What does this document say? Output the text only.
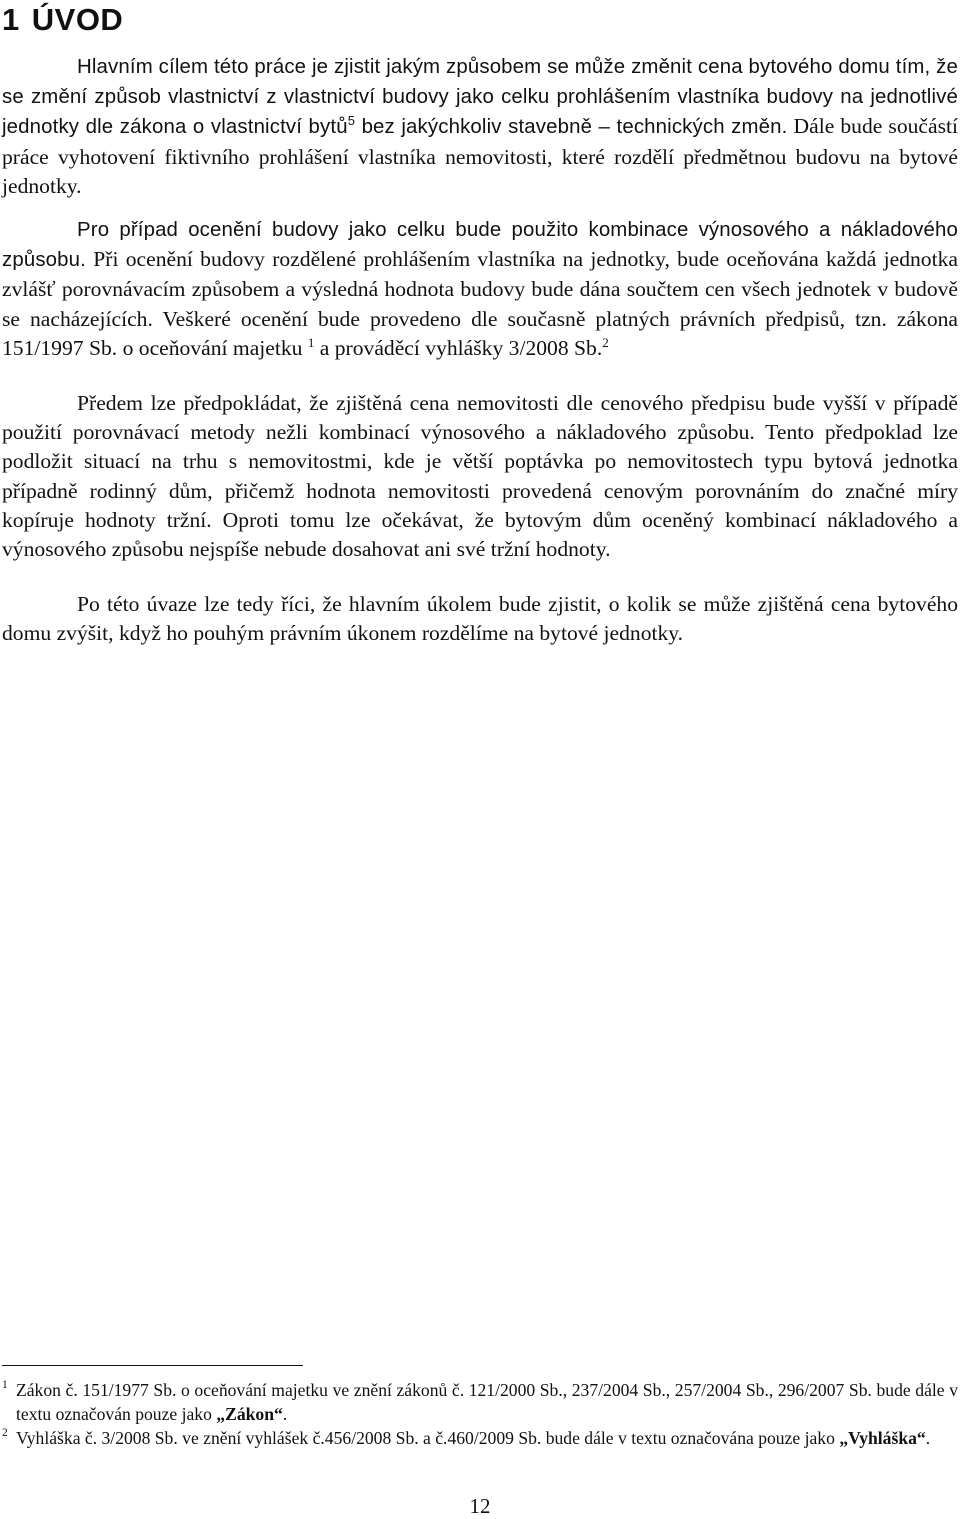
1 ÚVOD

Hlavním cílem této práce je zjistit jakým způsobem se může změnit cena bytového domu tím, že se změní způsob vlastnictví z vlastnictví budovy jako celku prohlášením vlastníka budovy na jednotlivé jednotky dle zákona o vlastnictví bytů$^5$ bez jakýchkoliv stavebně – technických změn. Dále bude součástí práce vyhotovení fiktivního prohlášení vlastníka nemovitosti, které rozdělí předmětnou budovu na bytové jednotky.

Pro případ ocenění budovy jako celku bude použito kombinace výnosového a nákladového způsobu. Při ocenění budovy rozdělené prohlášením vlastníka na jednotky, bude oceňována každá jednotka zvlášť porovnávacím způsobem a výsledná hodnota budovy bude dána součtem cen všech jednotek v budově se nacházejících. Veškeré ocenění bude provedeno dle současně platných právních předpisů, tzn. zákona 151/1997 Sb. o oceňování majetku $^1$ a prováděcí vyhlášky 3/2008 Sb.$^2$

Předem lze předpokládat, že zjištěná cena nemovitosti dle cenového předpisu bude vyšší v případě použití porovnávací metody nežli kombinací výnosového a nákladového způsobu. Tento předpoklad lze podložit situací na trhu s nemovitostmi, kde je větší poptávka po nemovitostech typu bytová jednotka případně rodinný dům, přičemž hodnota nemovitosti provedená cenovým porovnáním do značné míry kopíruje hodnoty tržní. Oproti tomu lze očekávat, že bytovým dům oceněný kombinací nákladového a výnosového způsobu nejspíše nebude dosahovat ani své tržní hodnoty.

Po této úvaze lze tedy říci, že hlavním úkolem bude zjistit, o kolik se může zjištěná cena bytového domu zvýšit, když ho pouhým právním úkonem rozdělíme na bytové jednotky.

1 Zákon č. 151/1977 Sb. o oceňování majetku ve znění zákonů č. 121/2000 Sb., 237/2004 Sb., 257/2004 Sb., 296/2007 Sb. bude dále v textu označován pouze jako „Zákon“.

2 Vyhláška č. 3/2008 Sb. ve znění vyhlášek č.456/2008 Sb. a č.460/2009 Sb. bude dále v textu označována pouze jako „Vyhláška“.

12
